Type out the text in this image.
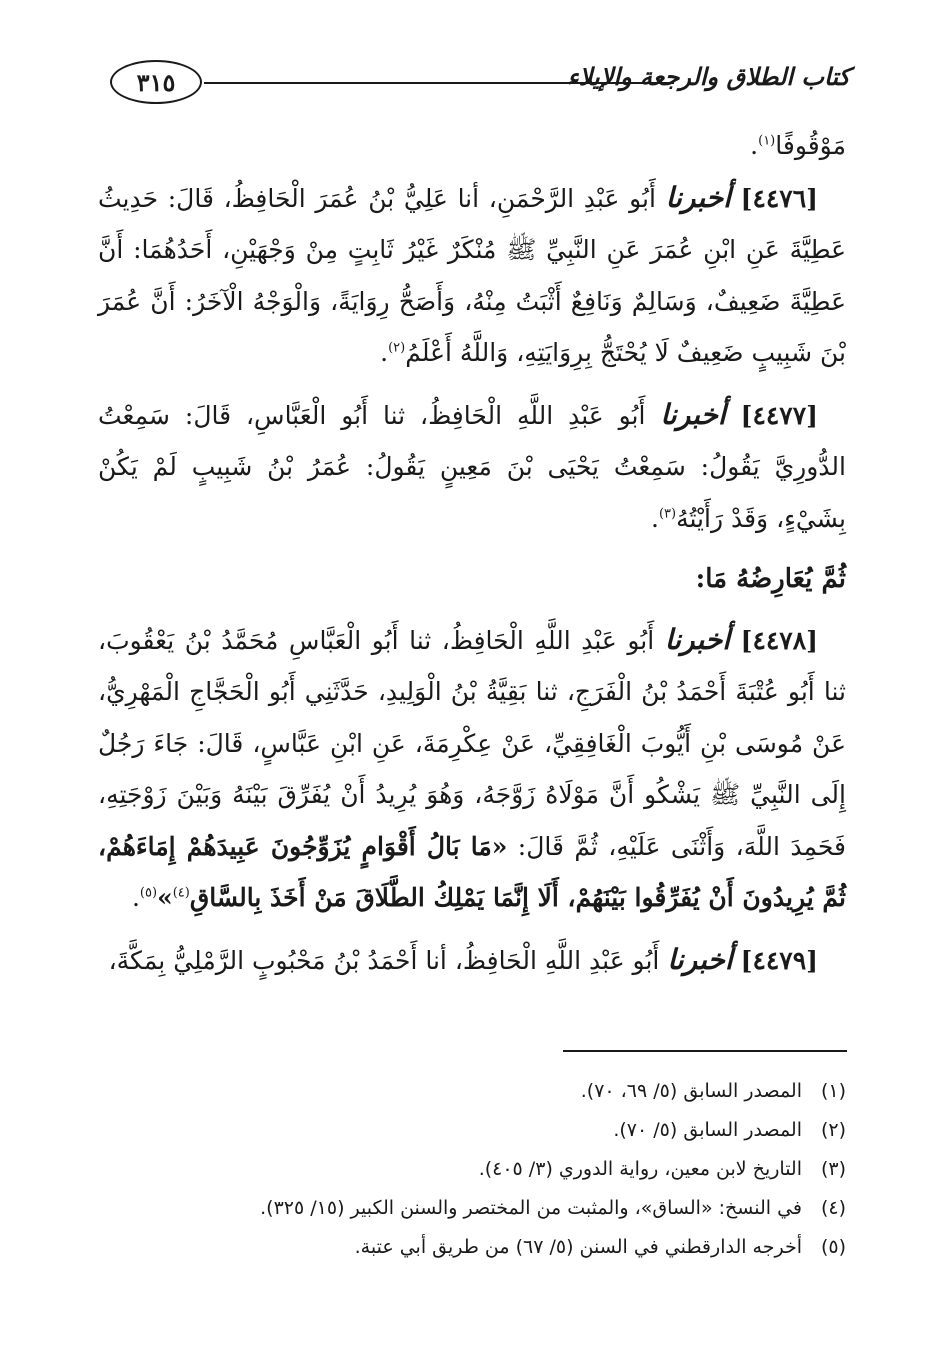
٣١٥	كتاب الطلاق والرجعة والإيلاء

مَوْقُوفًا$^{(١)}$.

[٤٤٧٦] أخبرنا أَبُو عَبْدِ الرَّحْمَنِ، أنا عَلِيُّ بْنُ عُمَرَ الْحَافِظُ، قَالَ: حَدِيثُ عَطِيَّةَ عَنِ ابْنِ عُمَرَ عَنِ النَّبِيِّ ﷺ مُنْكَرٌ غَيْرُ ثَابِتٍ مِنْ وَجْهَيْنِ، أَحَدُهُمَا: أَنَّ عَطِيَّةَ ضَعِيفٌ، وَسَالِمٌ وَنَافِعٌ أَثْبَتُ مِنْهُ، وَأَصَحُّ رِوَايَةً، وَالْوَجْهُ الْآخَرُ: أَنَّ عُمَرَ بْنَ شَبِيبٍ ضَعِيفٌ لَا يُحْتَجُّ بِرِوَايَتِهِ، وَاللَّهُ أَعْلَمُ$^{(٢)}$.

[٤٤٧٧] أخبرنا أَبُو عَبْدِ اللَّهِ الْحَافِظُ، ثنا أَبُو الْعَبَّاسِ، قَالَ: سَمِعْتُ الدُّورِيَّ يَقُولُ: سَمِعْتُ يَحْيَى بْنَ مَعِينٍ يَقُولُ: عُمَرُ بْنُ شَبِيبٍ لَمْ يَكُنْ بِشَيْءٍ، وَقَدْ رَأَيْتُهُ$^{(٣)}$.

ثُمَّ يُعَارِضُهُ مَا:

[٤٤٧٨] أخبرنا أَبُو عَبْدِ اللَّهِ الْحَافِظُ، ثنا أَبُو الْعَبَّاسِ مُحَمَّدُ بْنُ يَعْقُوبَ، ثنا أَبُو عُتْبَةَ أَحْمَدُ بْنُ الْفَرَجِ، ثنا بَقِيَّةُ بْنُ الْوَلِيدِ، حَدَّثَنِي أَبُو الْحَجَّاجِ الْمَهْرِيُّ، عَنْ مُوسَى بْنِ أَيُّوبَ الْغَافِقِيِّ، عَنْ عِكْرِمَةَ، عَنِ ابْنِ عَبَّاسٍ، قَالَ: جَاءَ رَجُلٌ إِلَى النَّبِيِّ ﷺ يَشْكُو أَنَّ مَوْلَاهُ زَوَّجَهُ، وَهُوَ يُرِيدُ أَنْ يُفَرِّقَ بَيْنَهُ وَبَيْنَ زَوْجَتِهِ، فَحَمِدَ اللَّهَ، وَأَثْنَى عَلَيْهِ، ثُمَّ قَالَ: «مَا بَالُ أَقْوَامٍ يُزَوِّجُونَ عَبِيدَهُمْ إِمَاءَهُمْ، ثُمَّ يُرِيدُونَ أَنْ يُفَرِّقُوا بَيْنَهُمْ، أَلَا إِنَّمَا يَمْلِكُ الطَّلَاقَ مَنْ أَخَذَ بِالسَّاقِ$^{(٤)}$»$^{(٥)}$.

[٤٤٧٩] أخبرنا أَبُو عَبْدِ اللَّهِ الْحَافِظُ، أنا أَحْمَدُ بْنُ مَحْبُوبٍ الرَّمْلِيُّ بِمَكَّةَ،

(١)
المصدر السابق (٥/ ٦٩، ٧٠).
(٢)
المصدر السابق (٥/ ٧٠).
(٣)
التاريخ لابن معين، رواية الدوري (٣/ ٤٠٥).
(٤)
في النسخ: «الساق»، والمثبت من المختصر والسنن الكبير (١٥/ ٣٢٥).
(٥)
أخرجه الدارقطني في السنن (٥/ ٦٧) من طريق أبي عتبة.
